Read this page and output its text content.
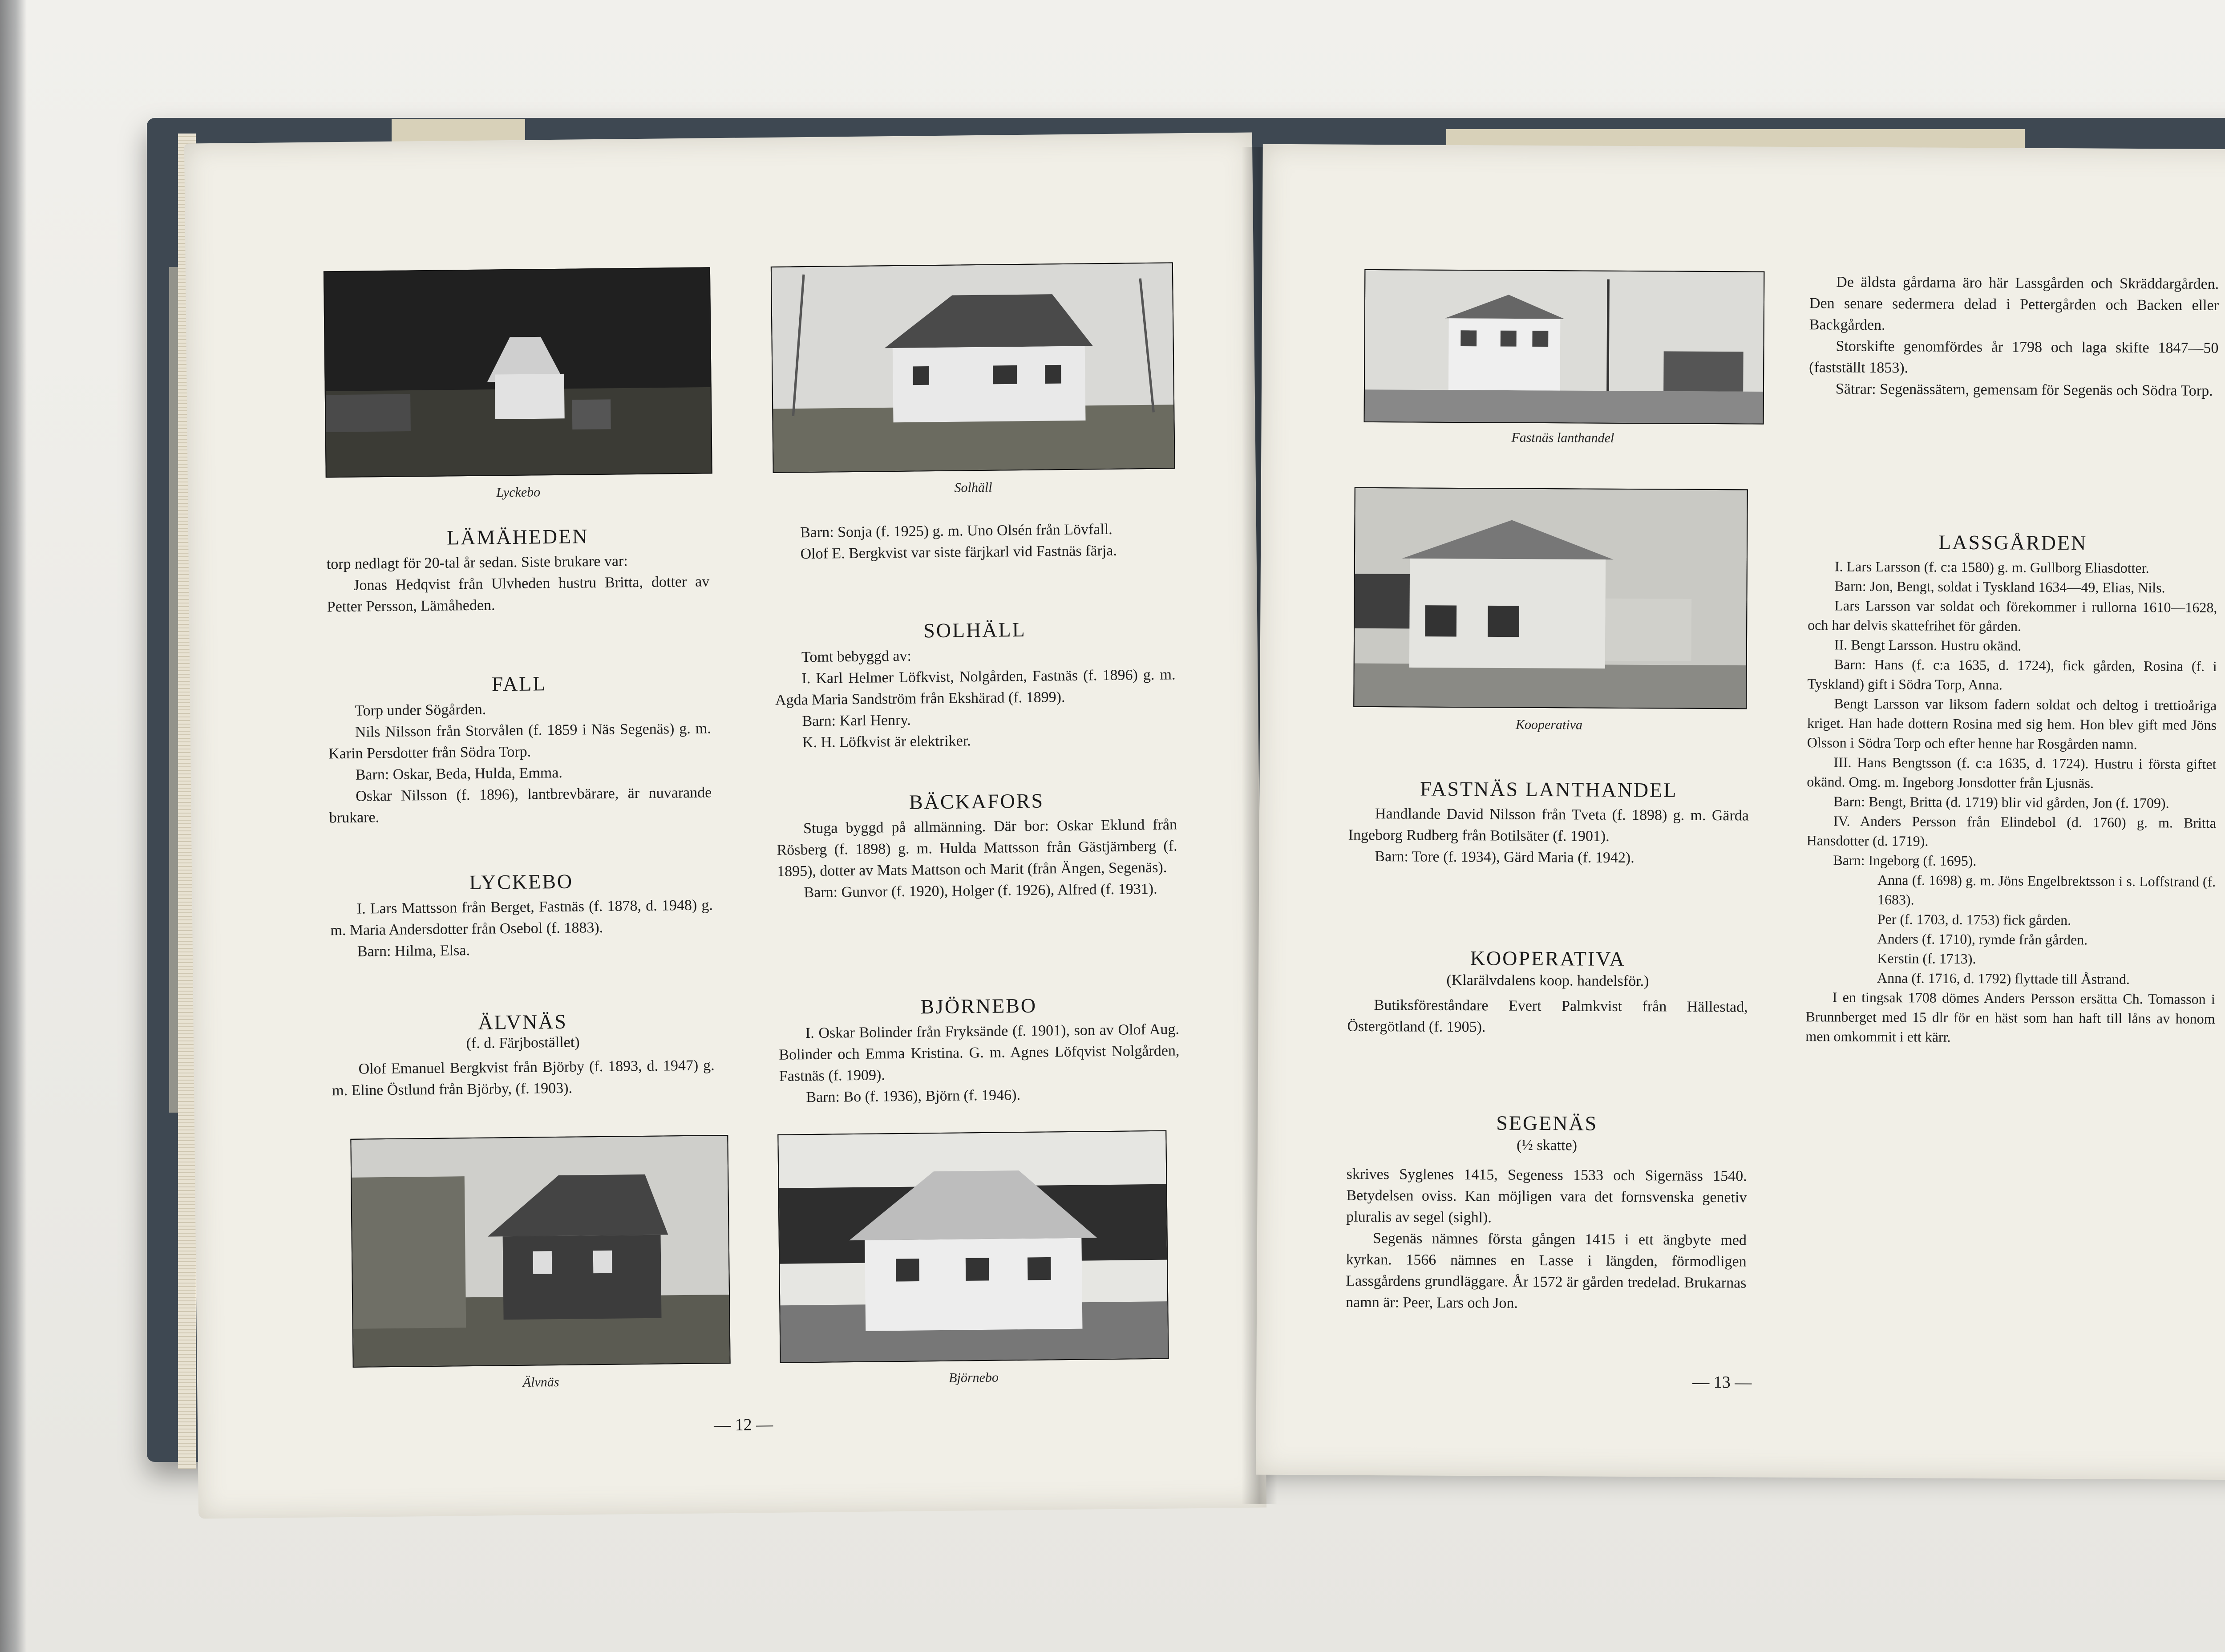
Lyckebo	Solhäll
LÄMÄHEDEN

torp nedlagt för 20-tal år sedan. Siste brukare var:

Jonas Hedqvist från Ulvheden hustru Britta, dotter av Petter Persson, Lämåheden.

FALL

Torp under Sögården.

Nils Nilsson från Storvålen (f. 1859 i Näs Segenäs) g. m. Karin Persdotter från Södra Torp.

Barn: Oskar, Beda, Hulda, Emma.

Oskar Nilsson (f. 1896), lantbrevbärare, är nuvarande brukare.

LYCKEBO

I. Lars Mattsson från Berget, Fastnäs (f. 1878, d. 1948) g. m. Maria Andersdotter från Osebol (f. 1883).

Barn: Hilma, Elsa.

ÄLVNÄS
(f. d. Färjbostället)

Olof Emanuel Bergkvist från Björby (f. 1893, d. 1947) g. m. Eline Östlund från Björby, (f. 1903).

Barn: Sonja (f. 1925) g. m. Uno Olsén från Lövfall.

Olof E. Bergkvist var siste färjkarl vid Fastnäs färja.

SOLHÄLL

Tomt bebyggd av:

I. Karl Helmer Löfkvist, Nolgården, Fastnäs (f. 1896) g. m. Agda Maria Sandström från Ekshärad (f. 1899).

Barn: Karl Henry.

K. H. Löfkvist är elektriker.

BÄCKAFORS

Stuga byggd på allmänning. Där bor: Oskar Eklund från Rösberg (f. 1898) g. m. Hulda Mattsson från Gästjärnberg (f. 1895), dotter av Mats Mattson och Marit (från Ängen, Segenäs).

Barn: Gunvor (f. 1920), Holger (f. 1926), Alfred (f. 1931).

BJÖRNEBO

I. Oskar Bolinder från Fryksände (f. 1901), son av Olof Aug. Bolinder och Emma Kristina. G. m. Agnes Löfqvist Nolgården, Fastnäs (f. 1909).

Barn: Bo (f. 1936), Björn (f. 1946).

Älvnäs	Björnebo
— 12 —
Fastnäs lanthandel
Kooperativa
FASTNÄS LANTHANDEL

Handlande David Nilsson från Tveta (f. 1898) g. m. Gärda Ingeborg Rudberg från Botilsäter (f. 1901).

Barn: Tore (f. 1934), Gärd Maria (f. 1942).

KOOPERATIVA
(Klarälvdalens koop. handelsför.)

Butiksföreståndare Evert Palmkvist från Hällestad, Östergötland (f. 1905).

SEGENÄS
(½ skatte)

skrives Syglenes 1415, Segeness 1533 och Sigernäss 1540. Betydelsen oviss. Kan möjligen vara det fornsvenska genetiv pluralis av segel (sighl).

Segenäs nämnes första gången 1415 i ett ängbyte med kyrkan. 1566 nämnes en Lasse i längden, förmodligen Lassgårdens grundläggare. År 1572 är gården tredelad. Brukarnas namn är: Peer, Lars och Jon.

De äldsta gårdarna äro här Lassgården och Skräddargården. Den senare sedermera delad i Pettergården och Backen eller Backgården.

Storskifte genomfördes år 1798 och laga skifte 1847—50 (fastställt 1853).

Sätrar: Segenässätern, gemensam för Segenäs och Södra Torp.

LASSGÅRDEN

I. Lars Larsson (f. c:a 1580) g. m. Gullborg Eliasdotter.

Barn: Jon, Bengt, soldat i Tyskland 1634—49, Elias, Nils.

Lars Larsson var soldat och förekommer i rullorna 1610—1628, och har delvis skattefrihet för gården.

II. Bengt Larsson. Hustru okänd.

Barn: Hans (f. c:a 1635, d. 1724), fick gården, Rosina (f. i Tyskland) gift i Södra Torp, Anna.

Bengt Larsson var liksom fadern soldat och deltog i trettioåriga kriget. Han hade dottern Rosina med sig hem. Hon blev gift med Jöns Olsson i Södra Torp och efter henne har Rosgården namn.

III. Hans Bengtsson (f. c:a 1635, d. 1724). Hustru i första giftet okänd. Omg. m. Ingeborg Jonsdotter från Ljusnäs.

Barn: Bengt, Britta (d. 1719) blir vid gården, Jon (f. 1709).

IV. Anders Persson från Elindebol (d. 1760) g. m. Britta Hansdotter (d. 1719).

Barn: Ingeborg (f. 1695).

Anna (f. 1698) g. m. Jöns Engelbrektsson i s. Loffstrand (f. 1683).

Per (f. 1703, d. 1753) fick gården.

Anders (f. 1710), rymde från gården.

Kerstin (f. 1713).

Anna (f. 1716, d. 1792) flyttade till Åstrand.

I en tingsak 1708 dömes Anders Persson ersätta Ch. Tomasson i Brunnberget med 15 dlr för en häst som han haft till låns av honom men omkommit i ett kärr.

— 13 —
